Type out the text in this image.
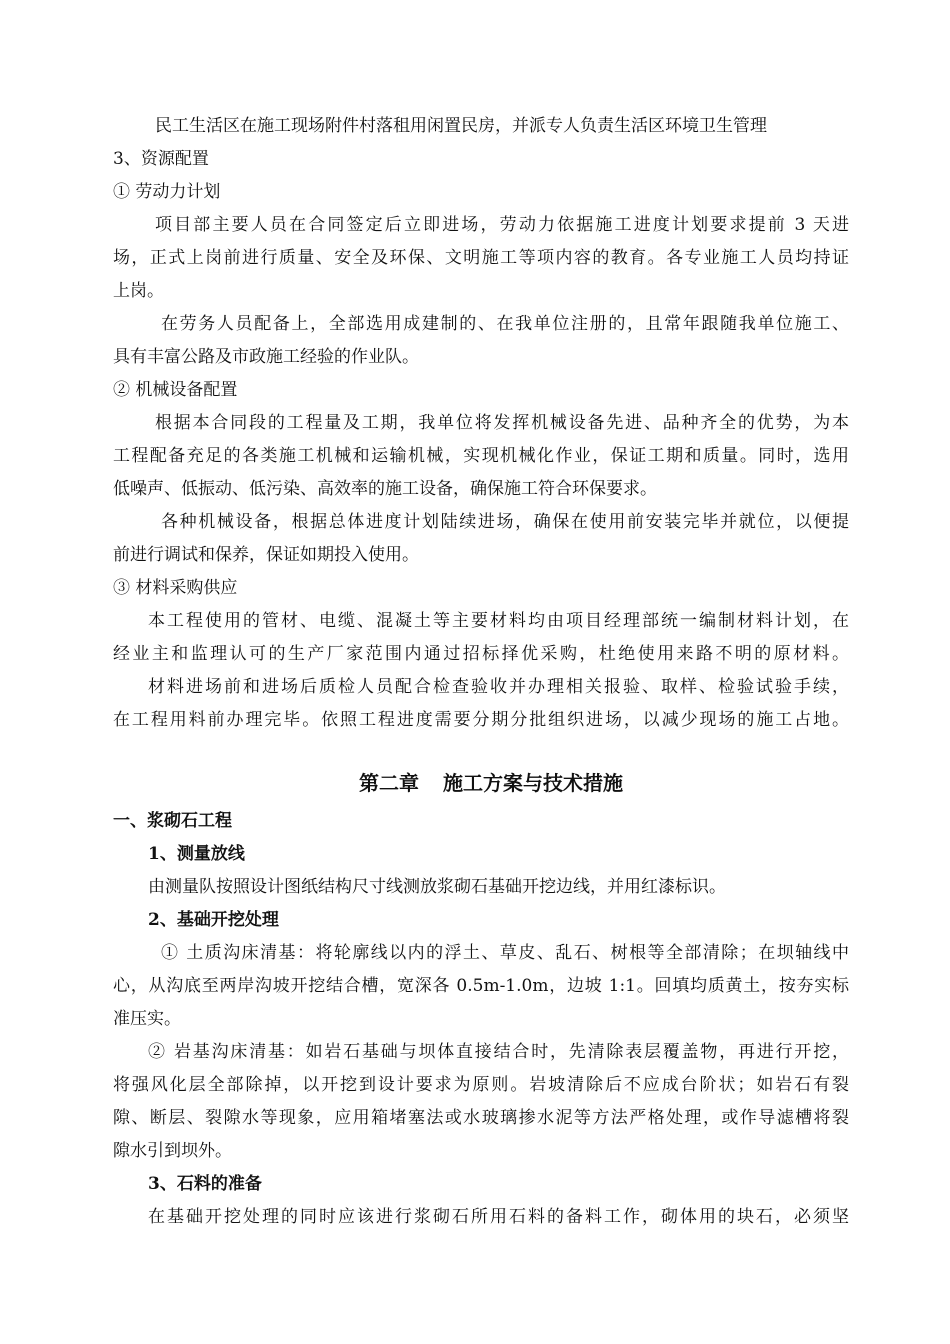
民工生活区在施工现场附件村落租用闲置民房，并派专人负责生活区环境卫生管理
3、资源配置
① 劳动力计划
项目部主要人员在合同签定后立即进场，劳动力依据施工进度计划要求提前 3 天进
场，正式上岗前进行质量、安全及环保、文明施工等项内容的教育。各专业施工人员均持证
上岗。
在劳务人员配备上，全部选用成建制的、在我单位注册的，且常年跟随我单位施工、
具有丰富公路及市政施工经验的作业队。
② 机械设备配置
根据本合同段的工程量及工期，我单位将发挥机械设备先进、品种齐全的优势，为本
工程配备充足的各类施工机械和运输机械，实现机械化作业，保证工期和质量。同时，选用
低噪声、低振动、低污染、高效率的施工设备，确保施工符合环保要求。
各种机械设备，根据总体进度计划陆续进场，确保在使用前安装完毕并就位，以便提
前进行调试和保养，保证如期投入使用。
③ 材料采购供应
本工程使用的管材、电缆、混凝土等主要材料均由项目经理部统一编制材料计划，在
经业主和监理认可的生产厂家范围内通过招标择优采购，杜绝使用来路不明的原材料。
材料进场前和进场后质检人员配合检查验收并办理相关报验、取样、检验试验手续，
在工程用料前办理完毕。依照工程进度需要分期分批组织进场，以减少现场的施工占地。
第二章 施工方案与技术措施
一、浆砌石工程
1、测量放线
由测量队按照设计图纸结构尺寸线测放浆砌石基础开挖边线，并用红漆标识。
2、基础开挖处理
① 土质沟床清基：将轮廓线以内的浮土、草皮、乱石、树根等全部清除；在坝轴线中
心，从沟底至两岸沟坡开挖结合槽，宽深各 0.5m-1.0m，边坡 1:1。回填均质黄土，按夯实标
准压实。
② 岩基沟床清基：如岩石基础与坝体直接结合时，先清除表层覆盖物，再进行开挖，
将强风化层全部除掉，以开挖到设计要求为原则。岩坡清除后不应成台阶状；如岩石有裂
隙、断层、裂隙水等现象，应用箱堵塞法或水玻璃掺水泥等方法严格处理，或作导滤槽将裂
隙水引到坝外。
3、石料的准备
在基础开挖处理的同时应该进行浆砌石所用石料的备料工作，砌体用的块石，必须坚
